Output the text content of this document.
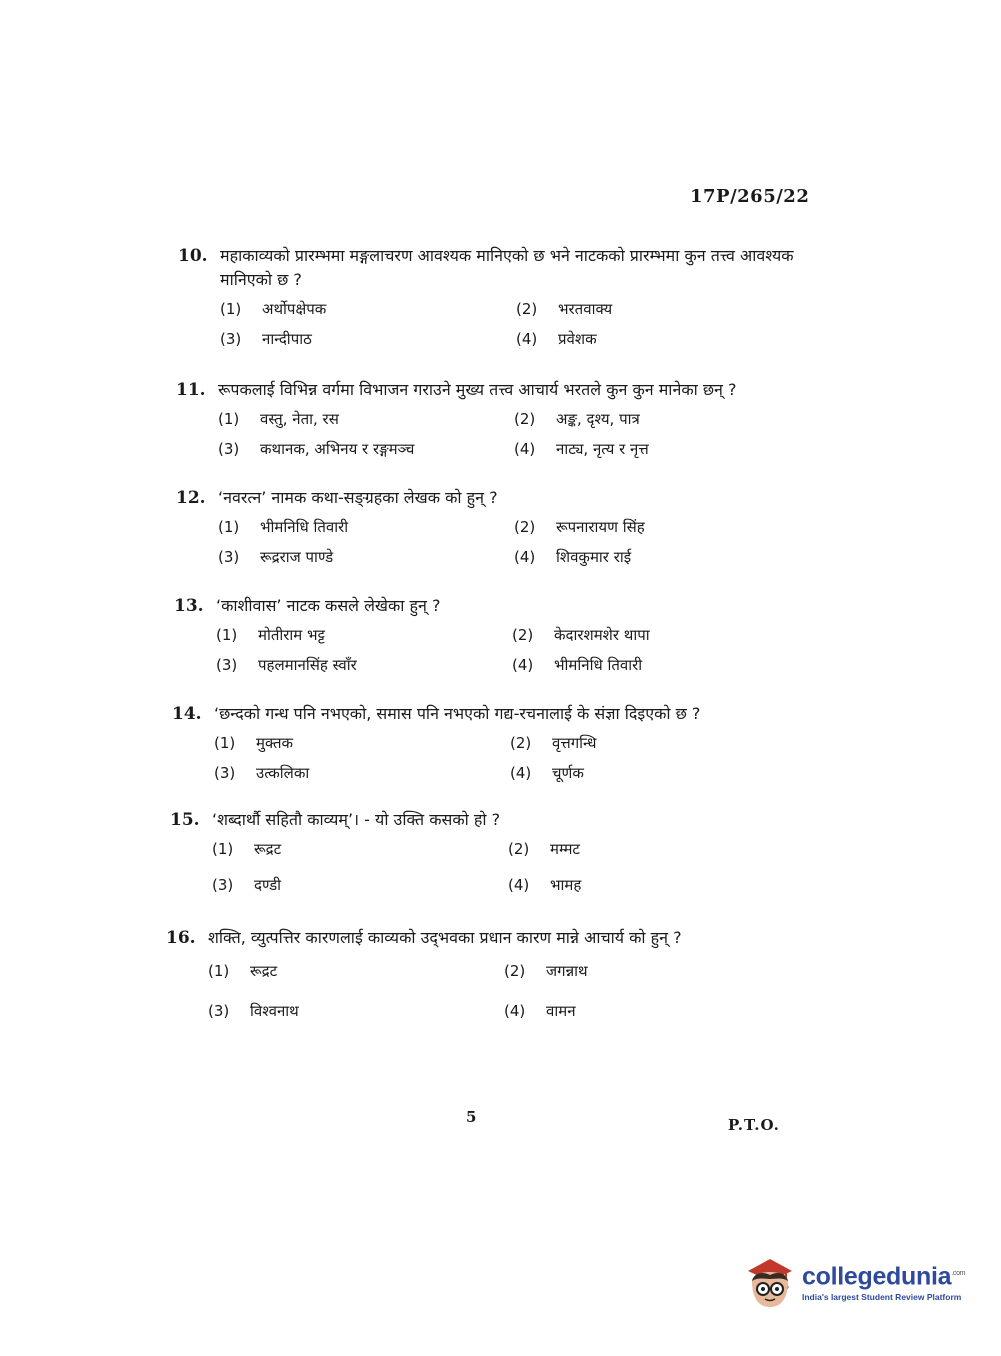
17P/265/22
10. महाकाव्यको प्रारम्भमा मङ्गलाचरण आवश्यक मानिएको छ भने नाटकको प्रारम्भमा कुन तत्त्व आवश्यक मानिएको छ ?
(1)	अर्थोपक्षेपक	(2)	भरतवाक्य
(3)	नान्दीपाठ	(4)	प्रवेशक
11. रूपकलाई विभिन्न वर्गमा विभाजन गराउने मुख्य तत्त्व आचार्य भरतले कुन कुन मानेका छन् ?
(1)	वस्तु, नेता, रस	(2)	अङ्क, दृश्य, पात्र
(3)	कथानक, अभिनय र रङ्गमञ्च	(4)	नाट्य, नृत्य र नृत्त
12. ‘नवरत्न’ नामक कथा-सङ्ग्रहका लेखक को हुन् ?
(1)	भीमनिधि तिवारी	(2)	रूपनारायण सिंह
(3)	रूद्रराज पाण्डे	(4)	शिवकुमार राई
13. ‘काशीवास’ नाटक कसले लेखेका हुन् ?
(1)	मोतीराम भट्ट	(2)	केदारशमशेर थापा
(3)	पहलमानसिंह स्वाँर	(4)	भीमनिधि तिवारी
14. ‘छन्दको गन्ध पनि नभएको, समास पनि नभएको गद्य-रचनालाई के संज्ञा दिइएको छ ?
(1)	मुक्तक	(2)	वृत्तगन्धि
(3)	उत्कलिका	(4)	चूर्णक
15. ‘शब्दार्थौ सहितौ काव्यम्’। - यो उक्ति कसको हो ?
(1)	रूद्रट	(2)	मम्मट
(3)	दण्डी	(4)	भामह
16. शक्ति, व्युत्पत्तिर कारणलाई काव्यको उद्‌भवका प्रधान कारण मान्ने आचार्य को हुन् ?
(1)	रूद्रट	(2)	जगन्नाथ
(3)	विश्वनाथ	(4)	वामन
5	P.T.O.
collegedunia$^{.com}$
India's largest Student Review Platform
